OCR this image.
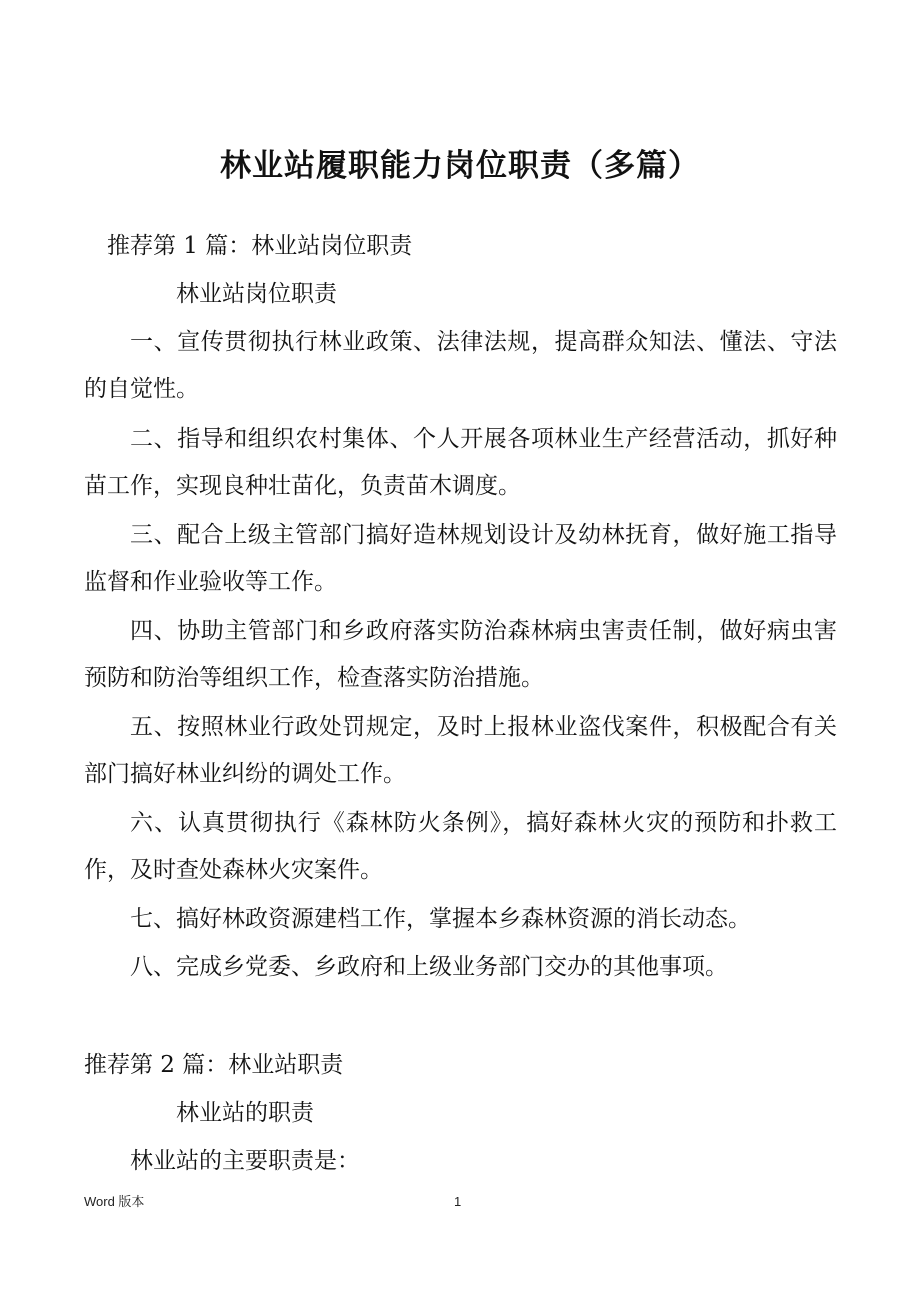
林业站履职能力岗位职责（多篇）
推荐第 1 篇：林业站岗位职责
林业站岗位职责
一、宣传贯彻执行林业政策、法律法规，提高群众知法、懂法、守法的自觉性。
二、指导和组织农村集体、个人开展各项林业生产经营活动，抓好种苗工作，实现良种壮苗化，负责苗木调度。
三、配合上级主管部门搞好造林规划设计及幼林抚育，做好施工指导监督和作业验收等工作。
四、协助主管部门和乡政府落实防治森林病虫害责任制，做好病虫害预防和防治等组织工作，检查落实防治措施。
五、按照林业行政处罚规定，及时上报林业盗伐案件，积极配合有关部门搞好林业纠纷的调处工作。
六、认真贯彻执行《森林防火条例》，搞好森林火灾的预防和扑救工作，及时查处森林火灾案件。
七、搞好林政资源建档工作，掌握本乡森林资源的消长动态。
八、完成乡党委、乡政府和上级业务部门交办的其他事项。
推荐第 2 篇：林业站职责
林业站的职责
林业站的主要职责是：
Word 版本	1
